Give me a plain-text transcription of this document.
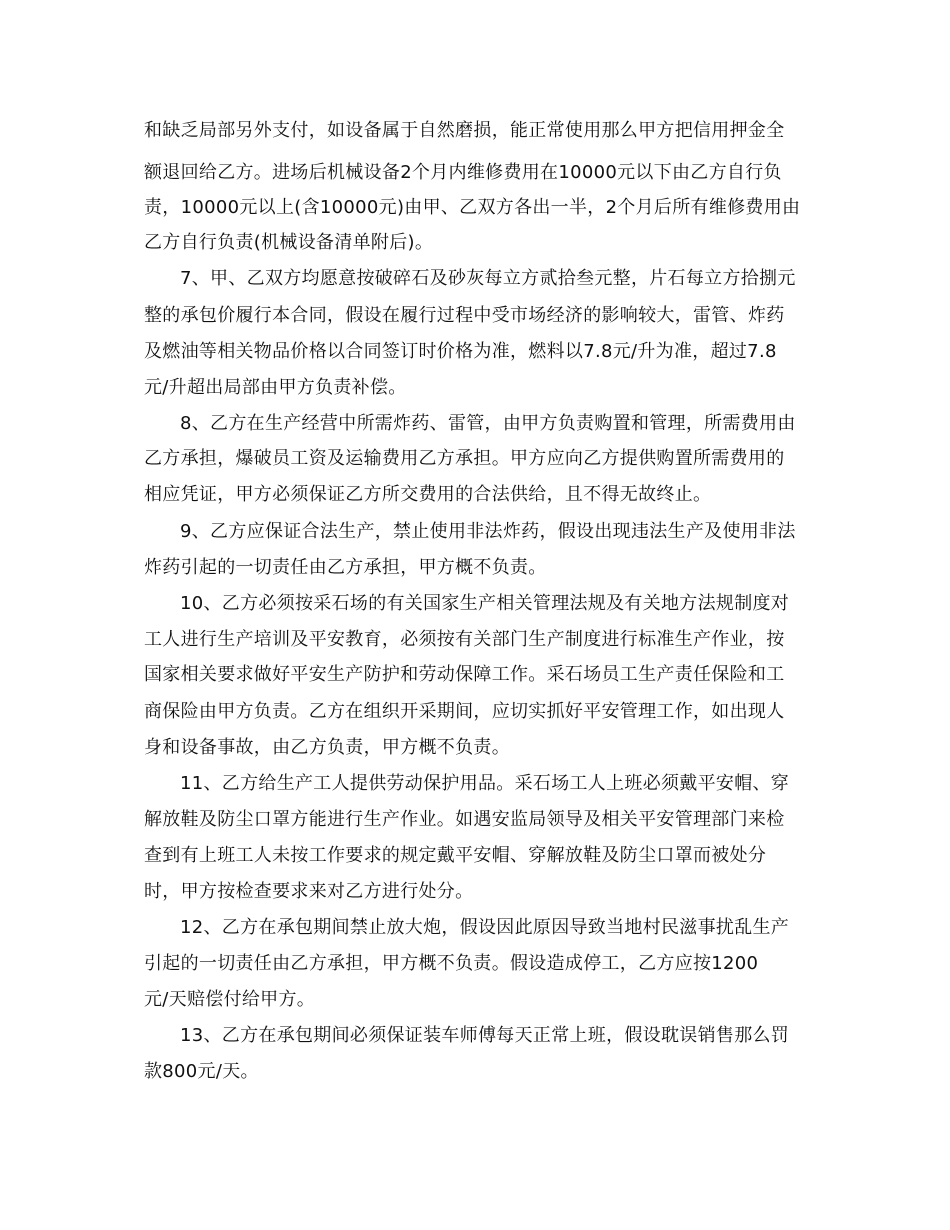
和缺乏局部另外支付，如设备属于自然磨损，能正常使用那么甲方把信用押金全
额退回给乙方。进场后机械设备2个月内维修费用在10000元以下由乙方自行负
责，10000元以上(含10000元)由甲、乙双方各出一半，2个月后所有维修费用由
乙方自行负责(机械设备清单附后)。
7、甲、乙双方均愿意按破碎石及砂灰每立方贰拾叁元整，片石每立方拾捌元
整的承包价履行本合同，假设在履行过程中受市场经济的影响较大，雷管、炸药
及燃油等相关物品价格以合同签订时价格为准，燃料以7.8元/升为准，超过7.8
元/升超出局部由甲方负责补偿。
8、乙方在生产经营中所需炸药、雷管，由甲方负责购置和管理，所需费用由
乙方承担，爆破员工资及运输费用乙方承担。甲方应向乙方提供购置所需费用的
相应凭证，甲方必须保证乙方所交费用的合法供给，且不得无故终止。
9、乙方应保证合法生产，禁止使用非法炸药，假设出现违法生产及使用非法
炸药引起的一切责任由乙方承担，甲方概不负责。
10、乙方必须按采石场的有关国家生产相关管理法规及有关地方法规制度对
工人进行生产培训及平安教育，必须按有关部门生产制度进行标准生产作业，按
国家相关要求做好平安生产防护和劳动保障工作。采石场员工生产责任保险和工
商保险由甲方负责。乙方在组织开采期间，应切实抓好平安管理工作，如出现人
身和设备事故，由乙方负责，甲方概不负责。
11、乙方给生产工人提供劳动保护用品。采石场工人上班必须戴平安帽、穿
解放鞋及防尘口罩方能进行生产作业。如遇安监局领导及相关平安管理部门来检
查到有上班工人未按工作要求的规定戴平安帽、穿解放鞋及防尘口罩而被处分
时，甲方按检查要求来对乙方进行处分。
12、乙方在承包期间禁止放大炮，假设因此原因导致当地村民滋事扰乱生产
引起的一切责任由乙方承担，甲方概不负责。假设造成停工，乙方应按1200
元/天赔偿付给甲方。
13、乙方在承包期间必须保证装车师傅每天正常上班，假设耽误销售那么罚
款800元/天。
